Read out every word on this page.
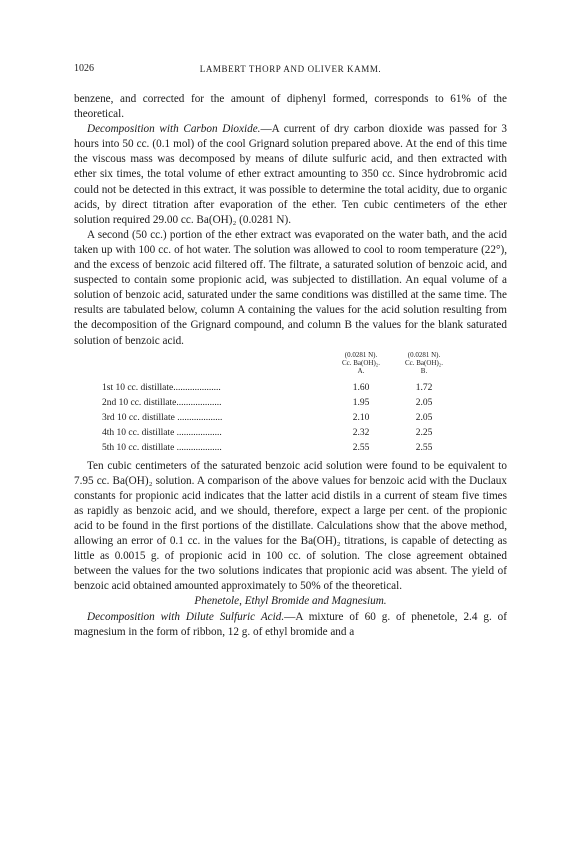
1026	LAMBERT THORP AND OLIVER KAMM.

benzene, and corrected for the amount of diphenyl formed, corresponds to 61% of the theoretical.

Decomposition with Carbon Dioxide.—A current of dry carbon dioxide was passed for 3 hours into 50 cc. (0.1 mol) of the cool Grignard solution prepared above. At the end of this time the viscous mass was decomposed by means of dilute sulfuric acid, and then extracted with ether six times, the total volume of ether extract amounting to 350 cc. Since hydrobromic acid could not be detected in this extract, it was possible to determine the total acidity, due to organic acids, by direct titration after evaporation of the ether. Ten cubic centimeters of the ether solution required 29.00 cc. Ba(OH)₂ (0.0281 N).

A second (50 cc.) portion of the ether extract was evaporated on the water bath, and the acid taken up with 100 cc. of hot water. The solution was allowed to cool to room temperature (22°), and the excess of benzoic acid filtered off. The filtrate, a saturated solution of benzoic acid, and suspected to contain some propionic acid, was subjected to distillation. An equal volume of a solution of benzoic acid, saturated under the same conditions was distilled at the same time. The results are tabulated below, column A containing the values for the acid solution resulting from the decomposition of the Grignard compound, and column B the values for the blank saturated solution of benzoic acid.

(0.0281 N).
Cc. Ba(OH)₂.
A.
(0.0281 N).
Cc. Ba(OH)₂.
B.
1st 10 cc. distillate....................	1.60	1.72
2nd 10 cc. distillate...................	1.95	2.05
3rd 10 cc. distillate ...................	2.10	2.05
4th 10 cc. distillate ...................	2.32	2.25
5th 10 cc. distillate ...................	2.55	2.55

Ten cubic centimeters of the saturated benzoic acid solution were found to be equivalent to 7.95 cc. Ba(OH)₂ solution. A comparison of the above values for benzoic acid with the Duclaux constants for propionic acid indicates that the latter acid distils in a current of steam five times as rapidly as benzoic acid, and we should, therefore, expect a large per cent. of the propionic acid to be found in the first portions of the distillate. Calculations show that the above method, allowing an error of 0.1 cc. in the values for the Ba(OH)₂ titrations, is capable of detecting as little as 0.0015 g. of propionic acid in 100 cc. of solution. The close agreement obtained between the values for the two solutions indicates that propionic acid was absent. The yield of benzoic acid obtained amounted approximately to 50% of the theoretical.

Phenetole, Ethyl Bromide and Magnesium.

Decomposition with Dilute Sulfuric Acid.—A mixture of 60 g. of phenetole, 2.4 g. of magnesium in the form of ribbon, 12 g. of ethyl bromide and a
